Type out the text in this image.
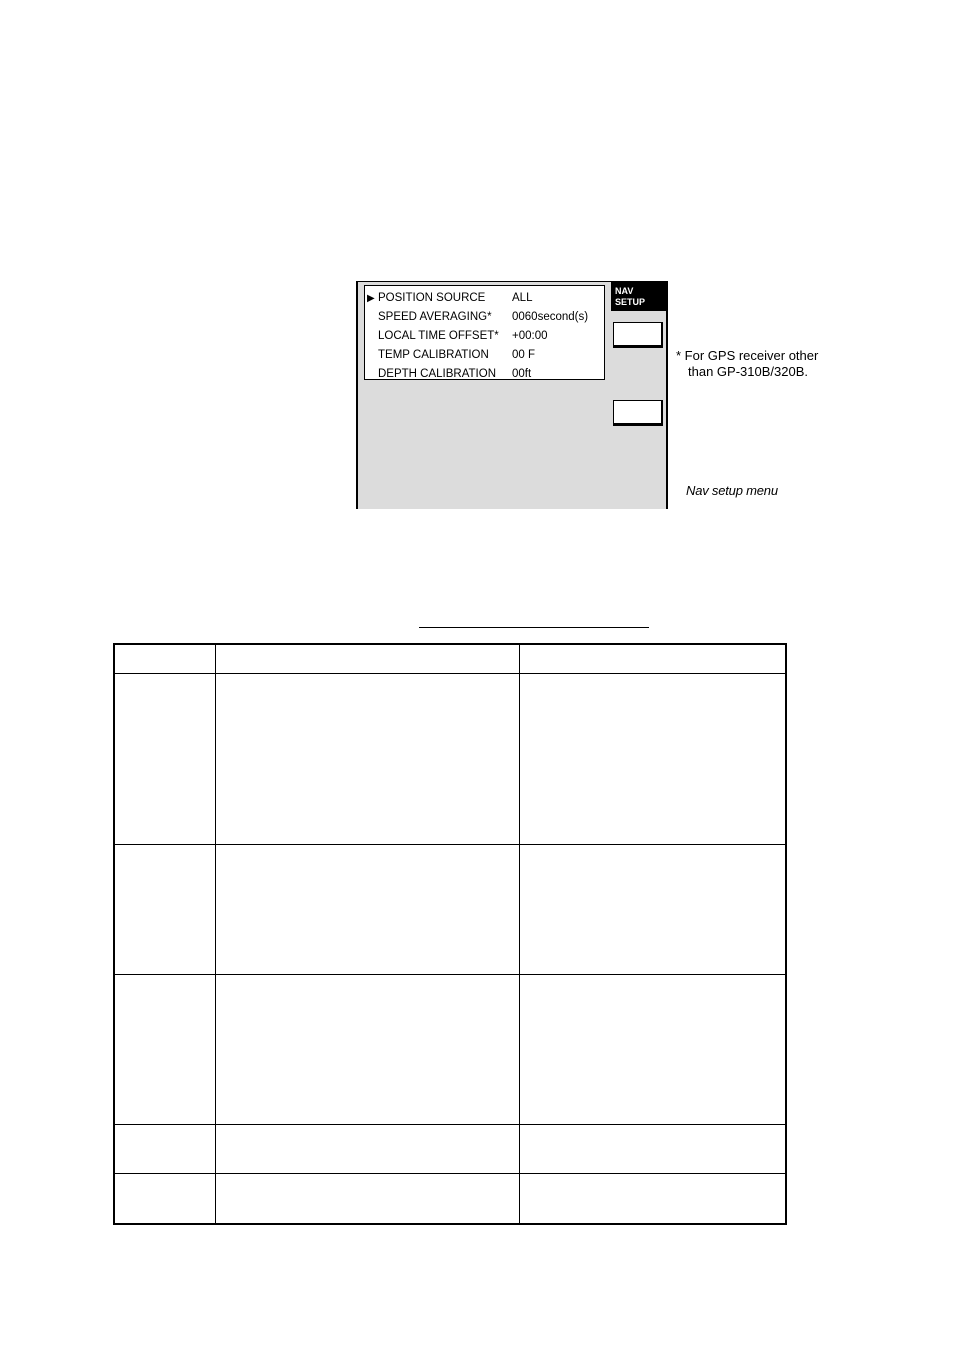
▶ POSITION SOURCE ALL
SPEED AVERAGING* 0060second(s)
LOCAL TIME OFFSET* +00:00
TEMP CALIBRATION 00 F
DEPTH CALIBRATION 00ft
NAV
SETUP
* For GPS receiver other
than GP-310B/320B.
Nav setup menu
